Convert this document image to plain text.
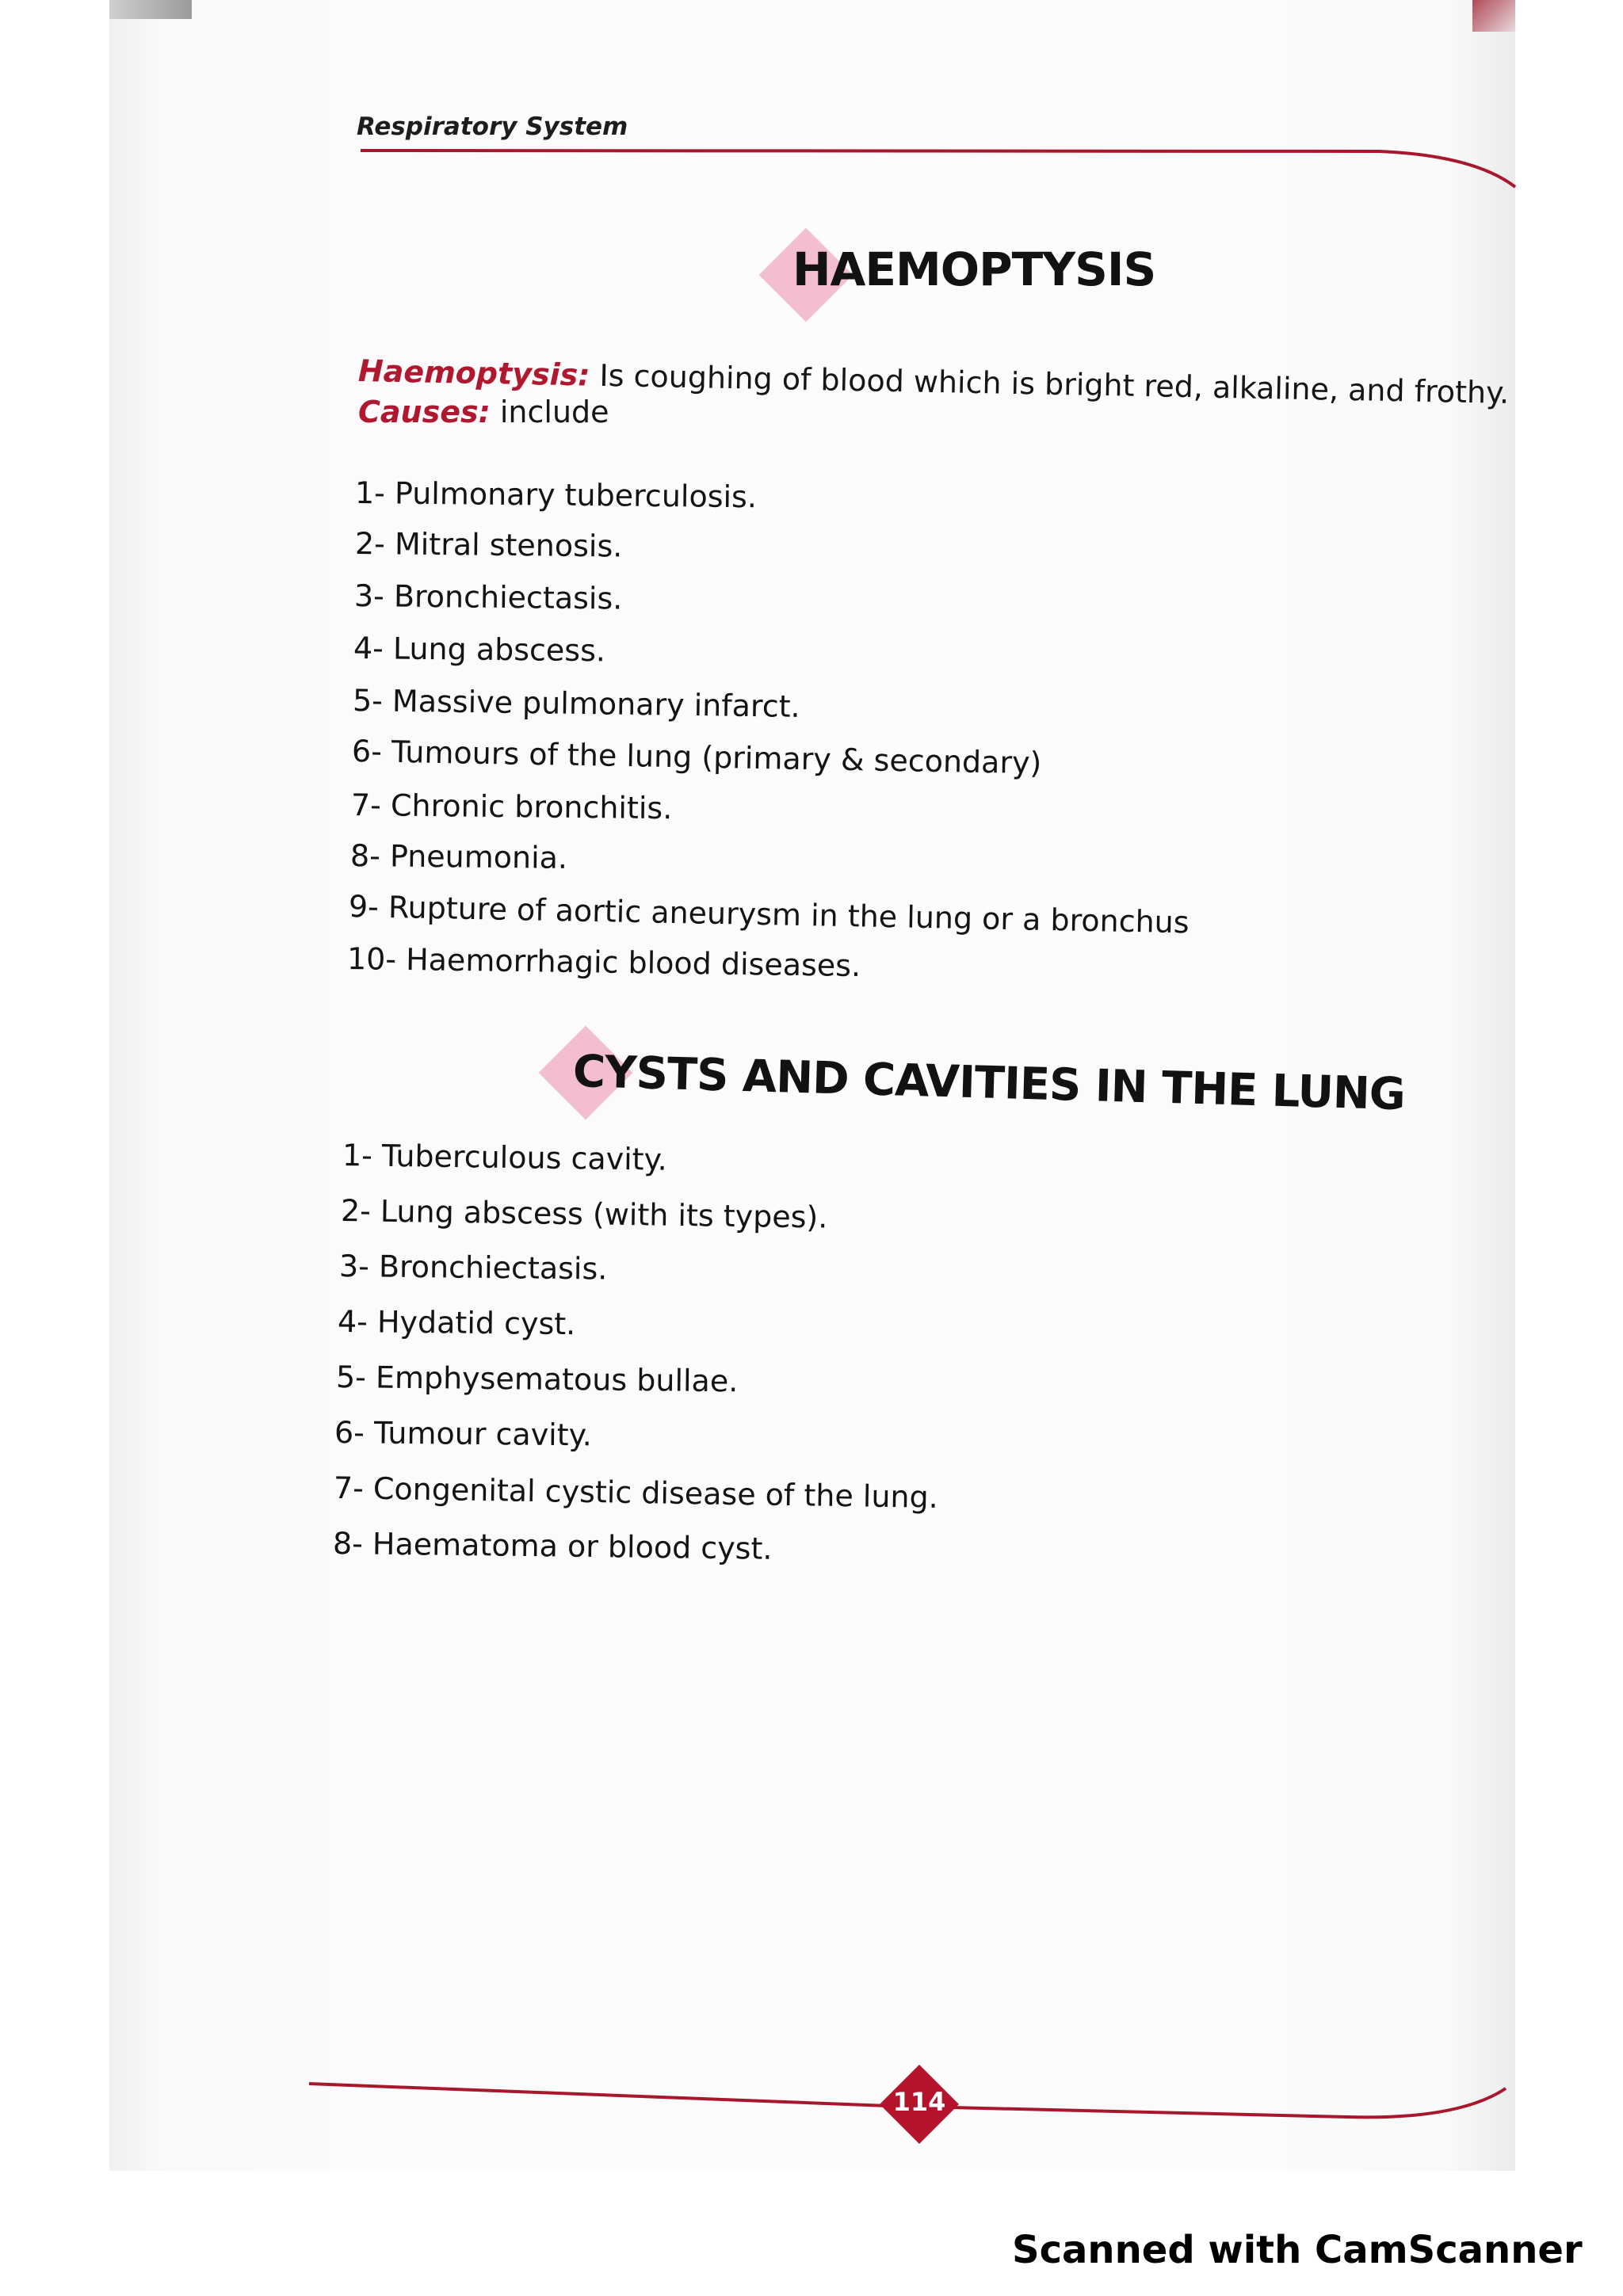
Respiratory System
HAEMOPTYSIS
Haemoptysis: Is coughing of blood which is bright red, alkaline, and frothy.
Causes: include
1- Pulmonary tuberculosis.
2- Mitral stenosis.
3- Bronchiectasis.
4- Lung abscess.
5- Massive pulmonary infarct.
6- Tumours of the lung (primary & secondary)
7- Chronic bronchitis.
8- Pneumonia.
9- Rupture of aortic aneurysm in the lung or a bronchus
10- Haemorrhagic blood diseases.
CYSTS AND CAVITIES IN THE LUNG
1- Tuberculous cavity.
2- Lung abscess (with its types).
3- Bronchiectasis.
4- Hydatid cyst.
5- Emphysematous bullae.
6- Tumour cavity.
7- Congenital cystic disease of the lung.
8- Haematoma or blood cyst.
114
Scanned with CamScanner
